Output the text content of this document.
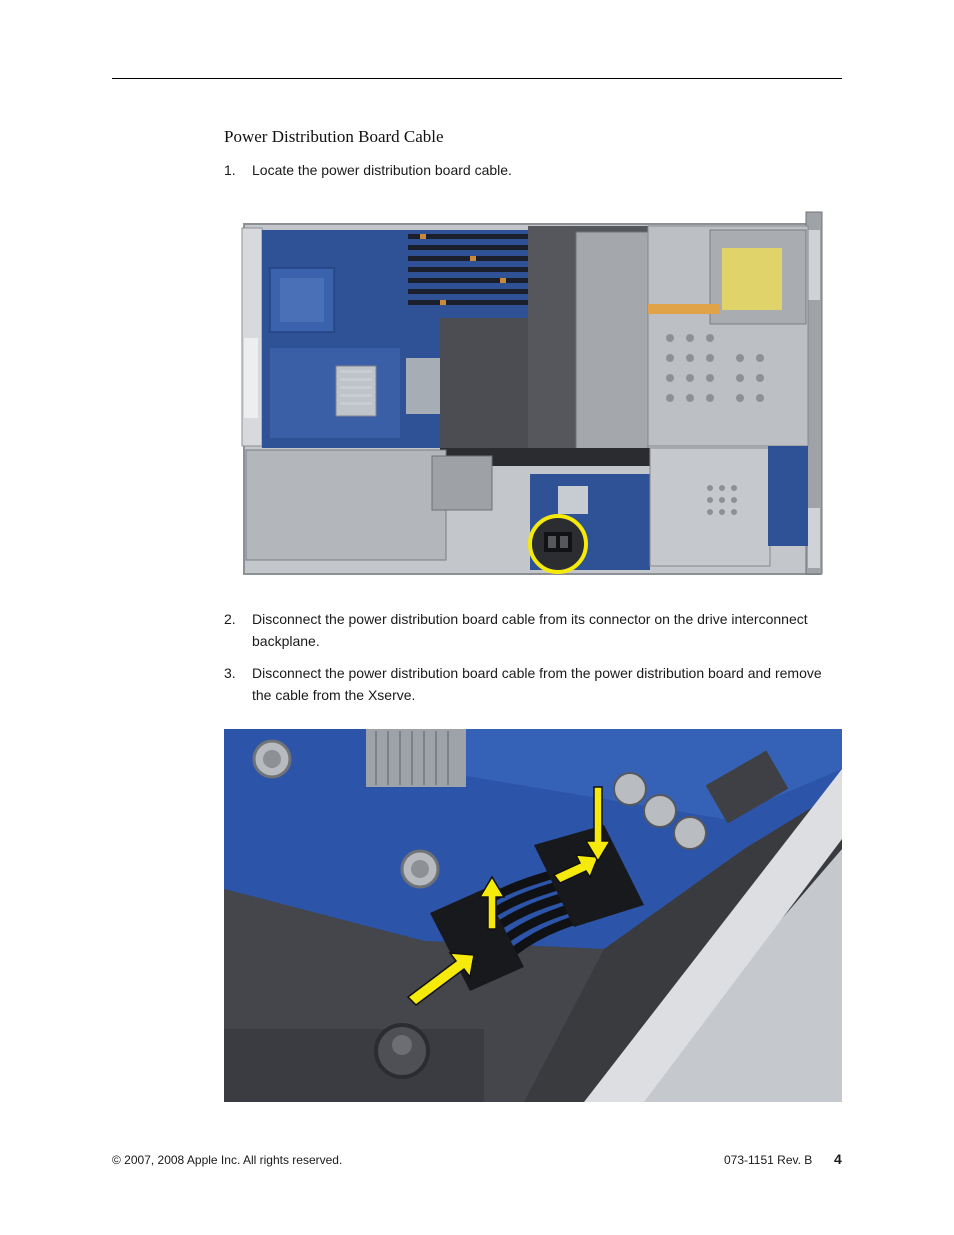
Power Distribution Board Cable
1.	Locate the power distribution board cable.
2.	Disconnect the power distribution board cable from its connector on the drive interconnect backplane.
3.	Disconnect the power distribution board cable from the power distribution board and remove the cable from the Xserve.
© 2007, 2008 Apple Inc. All rights reserved.	073-1151 Rev. B 4
